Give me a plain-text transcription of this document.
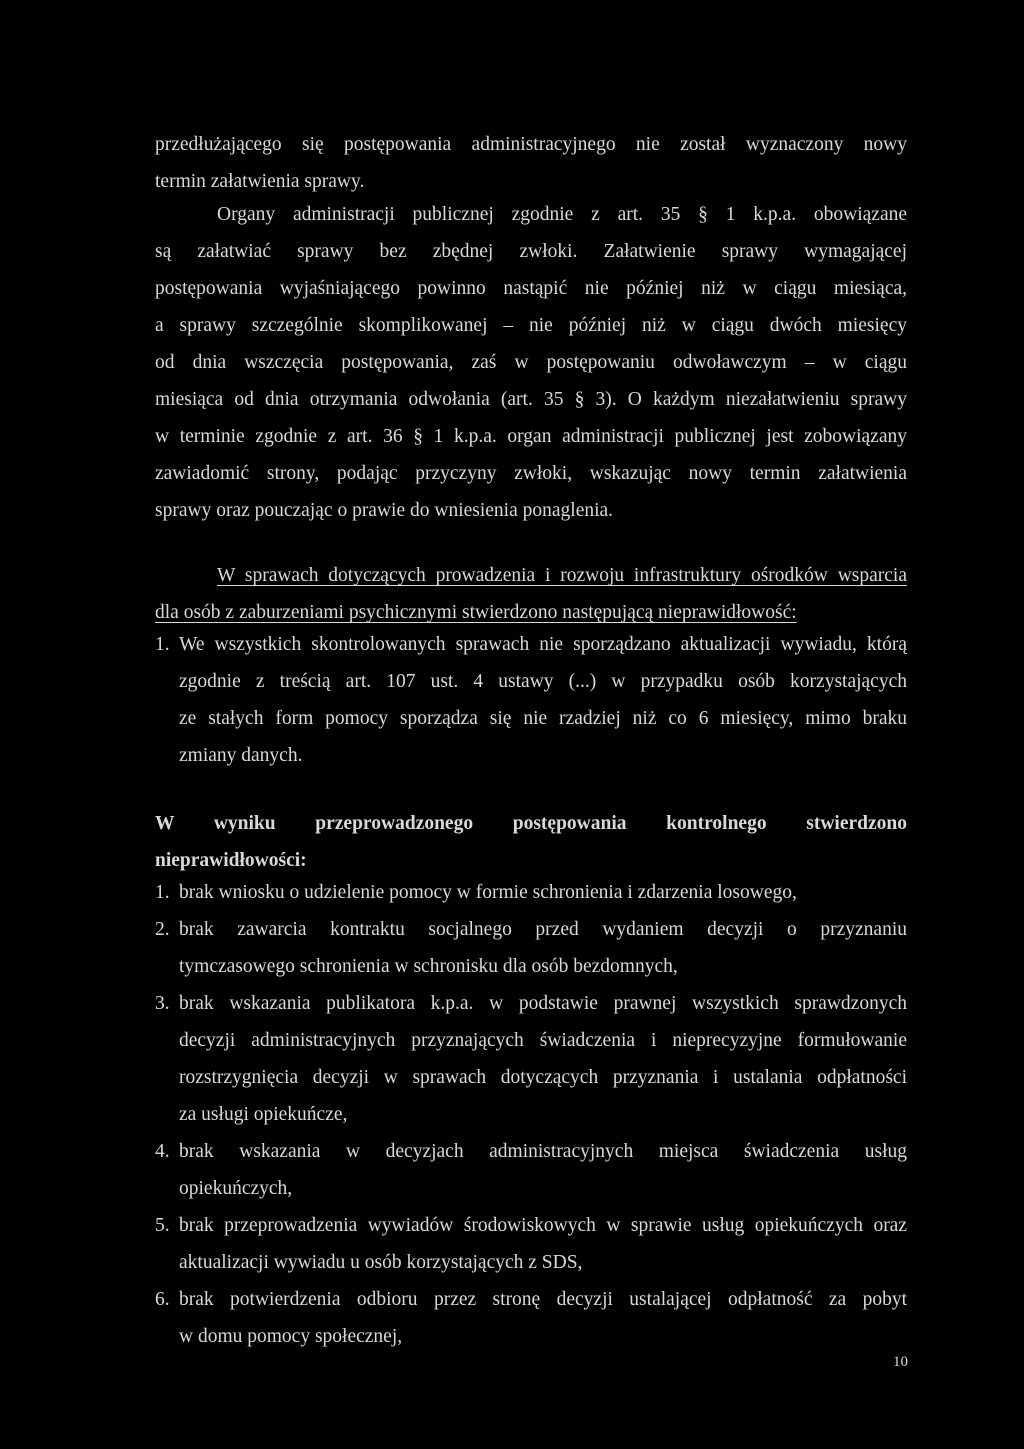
przedłużającego się postępowania administracyjnego nie został wyznaczony nowy
termin załatwienia sprawy.
Organy administracji publicznej zgodnie z art. 35 § 1 k.p.a. obowiązane
są załatwiać sprawy bez zbędnej zwłoki. Załatwienie sprawy wymagającej
postępowania wyjaśniającego powinno nastąpić nie później niż w ciągu miesiąca,
a sprawy szczególnie skomplikowanej – nie później niż w ciągu dwóch miesięcy
od dnia wszczęcia postępowania, zaś w postępowaniu odwoławczym – w ciągu
miesiąca od dnia otrzymania odwołania (art. 35 § 3). O każdym niezałatwieniu sprawy
w terminie zgodnie z art. 36 § 1 k.p.a. organ administracji publicznej jest zobowiązany
zawiadomić strony, podając przyczyny zwłoki, wskazując nowy termin załatwienia
sprawy oraz pouczając o prawie do wniesienia ponaglenia.
W sprawach dotyczących prowadzenia i rozwoju infrastruktury ośrodków wsparcia
dla osób z zaburzeniami psychicznymi stwierdzono następującą nieprawidłowość:
1. We wszystkich skontrolowanych sprawach nie sporządzano aktualizacji wywiadu, którą
zgodnie z treścią art. 107 ust. 4 ustawy (...) w przypadku osób korzystających
ze stałych form pomocy sporządza się nie rzadziej niż co 6 miesięcy, mimo braku
zmiany danych.
W wyniku przeprowadzonego postępowania kontrolnego stwierdzono
nieprawidłowości:
1. brak wniosku o udzielenie pomocy w formie schronienia i zdarzenia losowego,
2. brak zawarcia kontraktu socjalnego przed wydaniem decyzji o przyznaniu
tymczasowego schronienia w schronisku dla osób bezdomnych,
3. brak wskazania publikatora k.p.a. w podstawie prawnej wszystkich sprawdzonych
decyzji administracyjnych przyznających świadczenia i nieprecyzyjne formułowanie
rozstrzygnięcia decyzji w sprawach dotyczących przyznania i ustalania odpłatności
za usługi opiekuńcze,
4. brak wskazania w decyzjach administracyjnych miejsca świadczenia usług
opiekuńczych,
5. brak przeprowadzenia wywiadów środowiskowych w sprawie usług opiekuńczych oraz
aktualizacji wywiadu u osób korzystających z SDS,
6. brak potwierdzenia odbioru przez stronę decyzji ustalającej odpłatność za pobyt
w domu pomocy społecznej,
10
